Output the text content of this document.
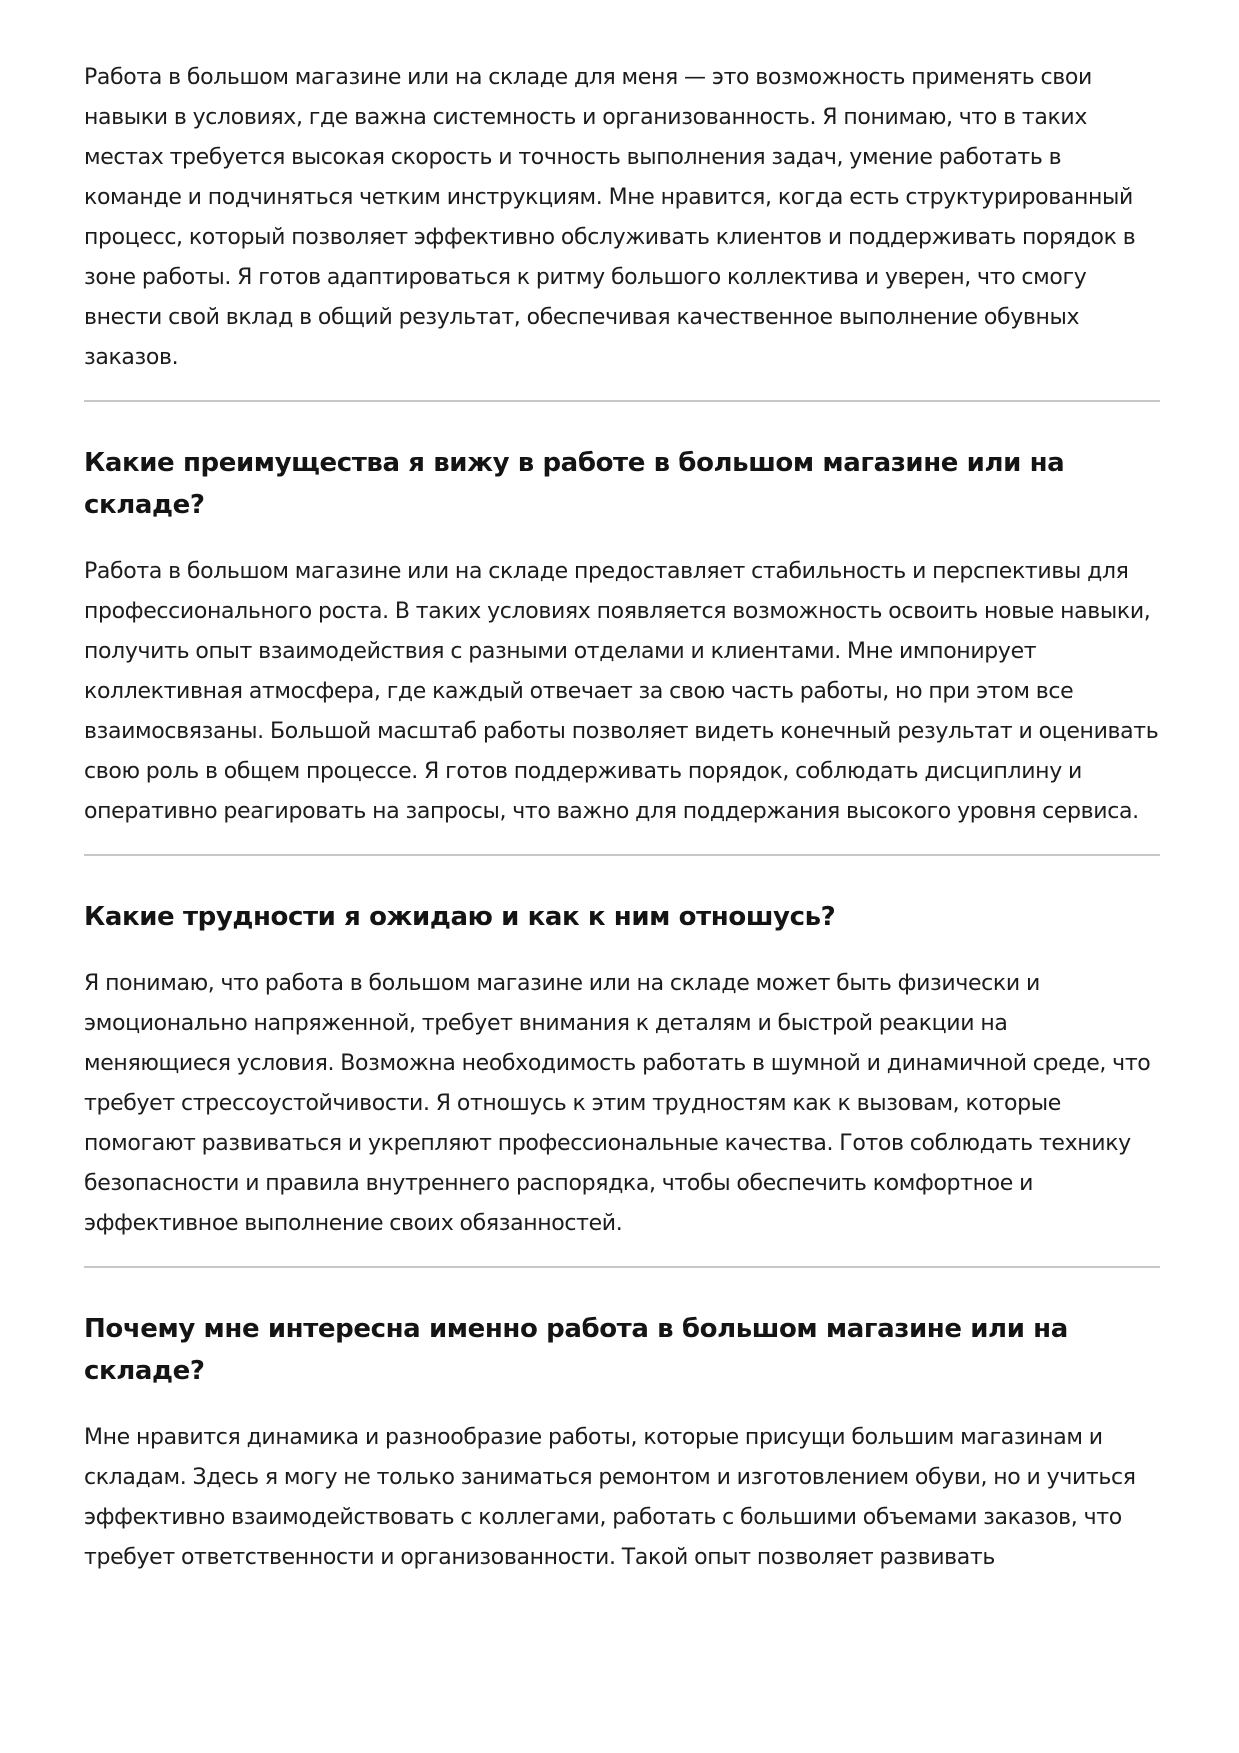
Работа в большом магазине или на складе для меня — это возможность применять свои навыки в условиях, где важна системность и организованность. Я понимаю, что в таких местах требуется высокая скорость и точность выполнения задач, умение работать в команде и подчиняться четким инструкциям. Мне нравится, когда есть структурированный процесс, который позволяет эффективно обслуживать клиентов и поддерживать порядок в зоне работы. Я готов адаптироваться к ритму большого коллектива и уверен, что смогу внести свой вклад в общий результат, обеспечивая качественное выполнение обувных заказов.

Какие преимущества я вижу в работе в большом магазине или на складе?

Работа в большом магазине или на складе предоставляет стабильность и перспективы для профессионального роста. В таких условиях появляется возможность освоить новые навыки, получить опыт взаимодействия с разными отделами и клиентами. Мне импонирует коллективная атмосфера, где каждый отвечает за свою часть работы, но при этом все взаимосвязаны. Большой масштаб работы позволяет видеть конечный результат и оценивать свою роль в общем процессе. Я готов поддерживать порядок, соблюдать дисциплину и оперативно реагировать на запросы, что важно для поддержания высокого уровня сервиса.

Какие трудности я ожидаю и как к ним отношусь?

Я понимаю, что работа в большом магазине или на складе может быть физически и эмоционально напряженной, требует внимания к деталям и быстрой реакции на меняющиеся условия. Возможна необходимость работать в шумной и динамичной среде, что требует стрессоустойчивости. Я отношусь к этим трудностям как к вызовам, которые помогают развиваться и укрепляют профессиональные качества. Готов соблюдать технику безопасности и правила внутреннего распорядка, чтобы обеспечить комфортное и эффективное выполнение своих обязанностей.

Почему мне интересна именно работа в большом магазине или на складе?

Мне нравится динамика и разнообразие работы, которые присущи большим магазинам и складам. Здесь я могу не только заниматься ремонтом и изготовлением обуви, но и учиться эффективно взаимодействовать с коллегами, работать с большими объемами заказов, что требует ответственности и организованности. Такой опыт позволяет развивать
